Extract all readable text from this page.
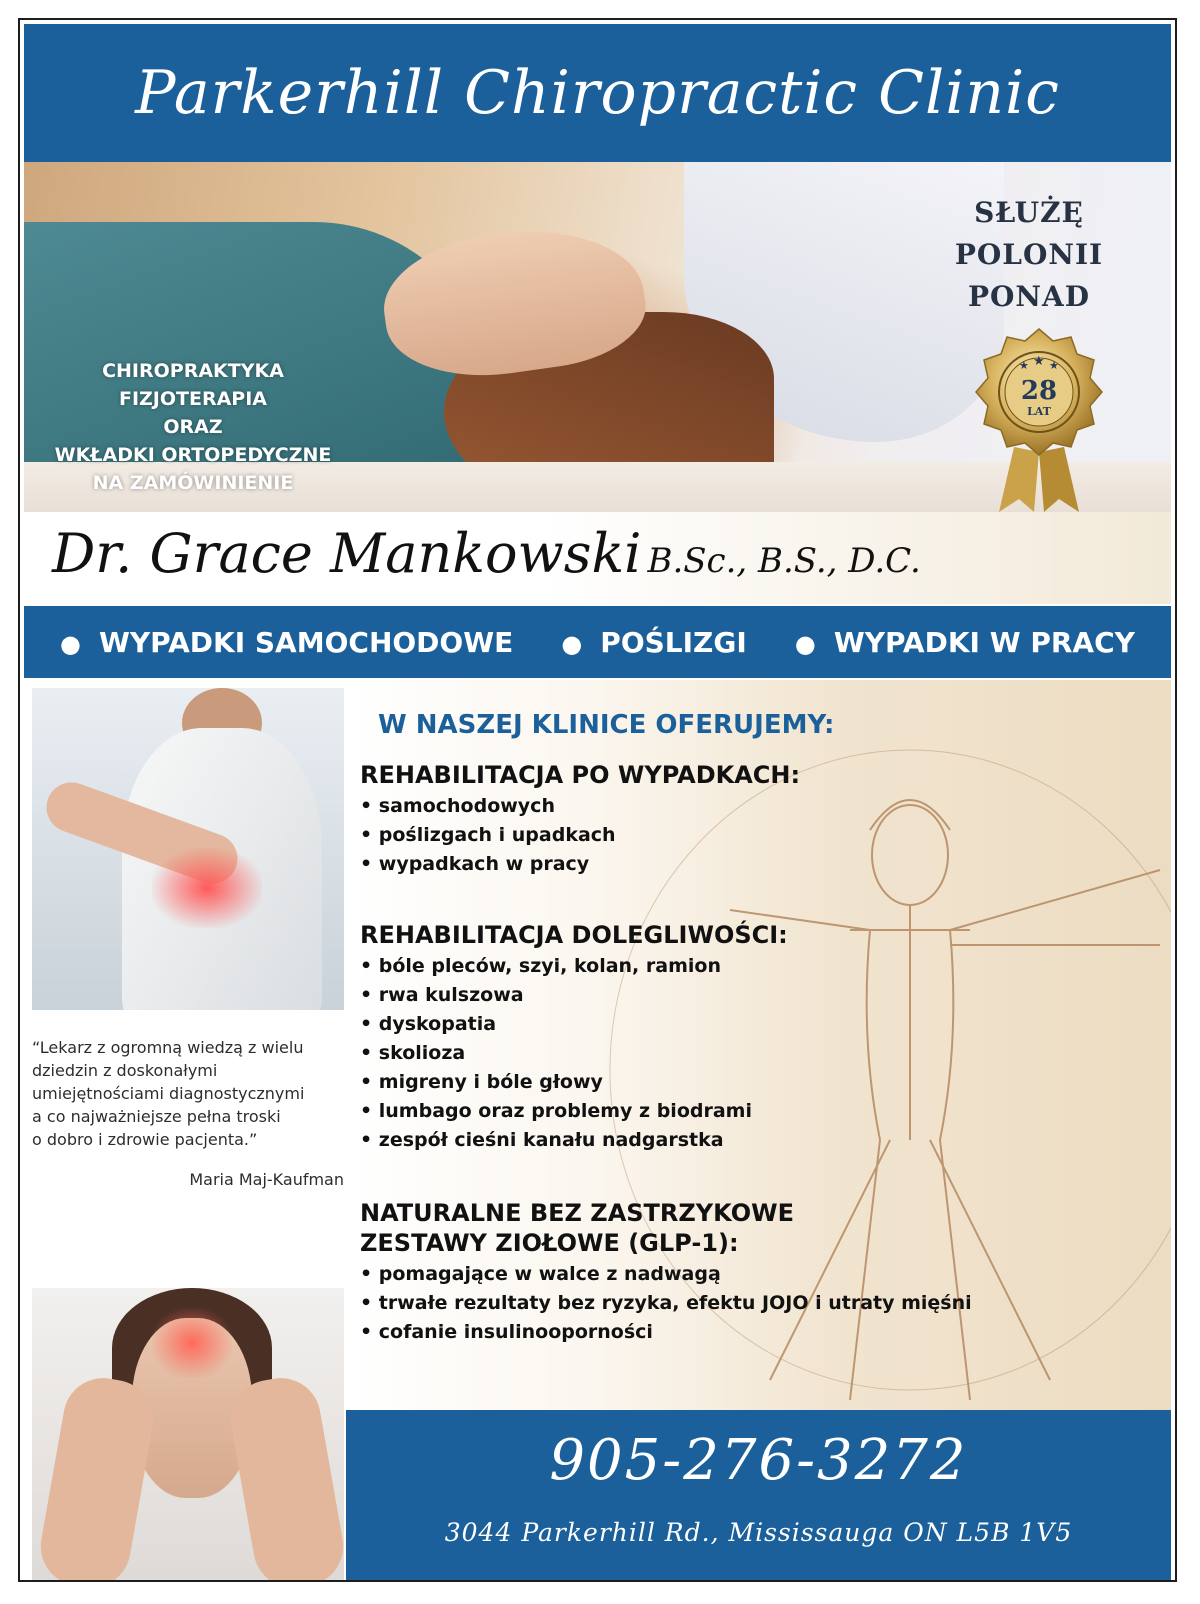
Parkerhill Chiropractic Clinic
CHIROPRAKTYKA
FIZJOTERAPIA
ORAZ
WKŁADKI ORTOPEDYCZNE
NA ZAMÓWINIENIE
SŁUŻĘ
POLONII
PONAD
★ ★ ★
28
LAT
Dr. Grace Mankowski B.Sc., B.S., D.C.
● WYPADKI SAMOCHODOWE ● POŚLIZGI ● WYPADKI W PRACY
“Lekarz z ogromną wiedzą z wielu
dziedzin z doskonałymi
umiejętnościami diagnostycznymi
a co najważniejsze pełna troski
o dobro i zdrowie pacjenta.”
Maria Maj-Kaufman
W NASZEJ KLINICE OFERUJEMY:
REHABILITACJA PO WYPADKACH:
• samochodowych
• poślizgach i upadkach
• wypadkach w pracy
REHABILITACJA DOLEGLIWOŚCI:
• bóle pleców, szyi, kolan, ramion
• rwa kulszowa
• dyskopatia
• skolioza
• migreny i bóle głowy
• lumbago oraz problemy z biodrami
• zespół cieśni kanału nadgarstka
NATURALNE BEZ ZASTRZYKOWE
ZESTAWY ZIOŁOWE (GLP-1):
• pomagające w walce z nadwagą
• trwałe rezultaty bez ryzyka, efektu JOJO i utraty mięśni
• cofanie insulinooporności
905-276-3272
3044 Parkerhill Rd., Mississauga ON L5B 1V5
